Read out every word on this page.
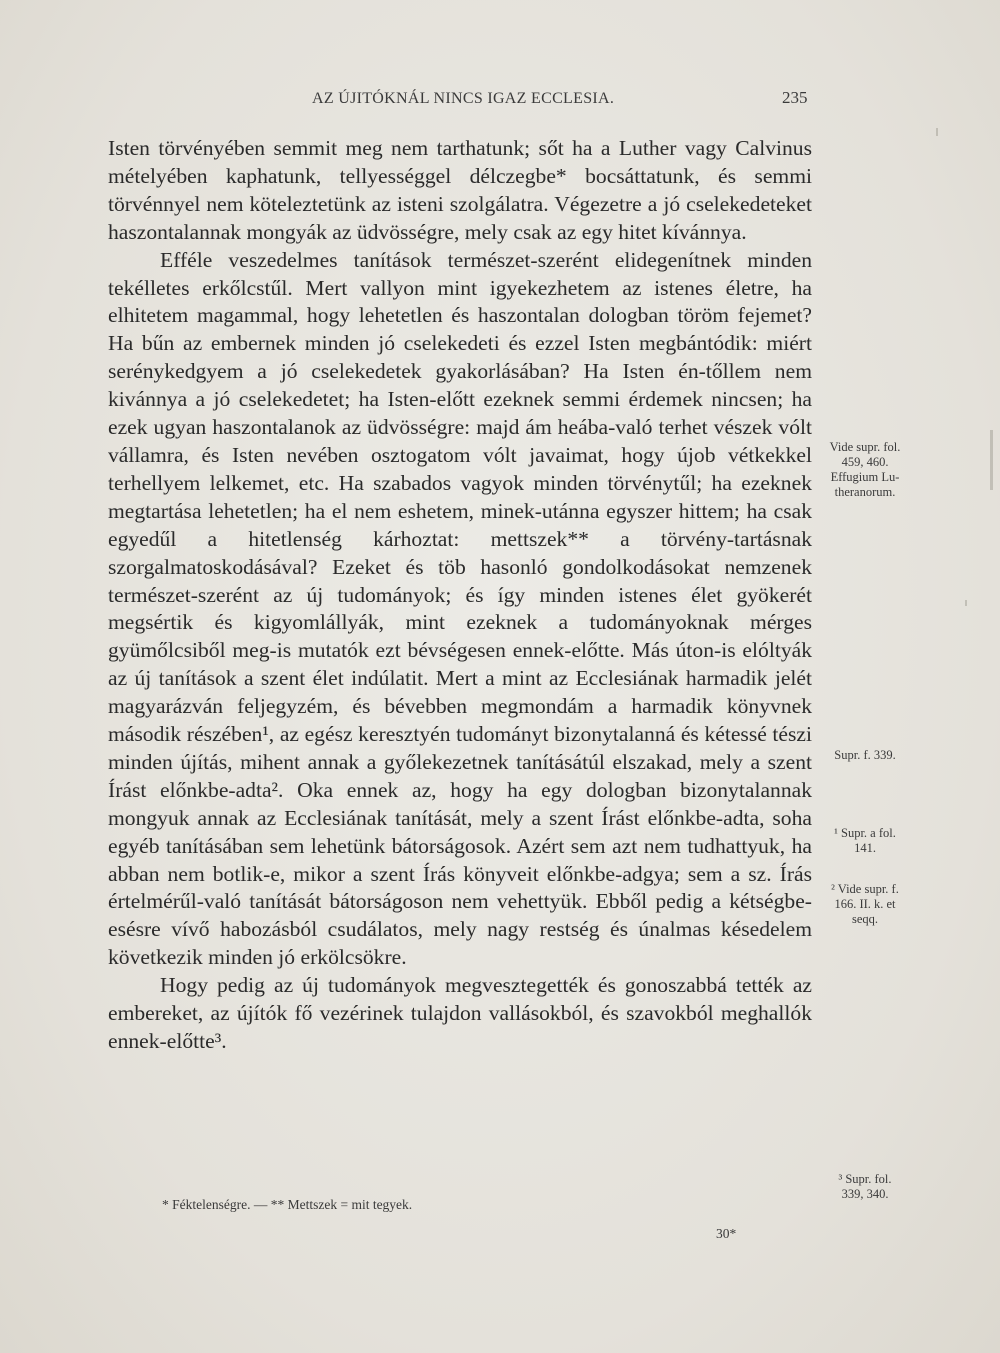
AZ ÚJITÓKNÁL NINCS IGAZ ECCLESIA.	235

Isten törvényében semmit meg nem tarthatunk; sőt ha a Luther vagy Calvinus mételyében kaphatunk, tellyességgel délczegbe* bocsáttatunk, és semmi törvénnyel nem köteleztetünk az isteni szolgálatra. Végezetre a jó cselekedeteket haszontalannak mongyák az üdvösségre, mely csak az egy hitet kívánnya.

Efféle veszedelmes tanítások természet-szerént elidegenítnek minden tekélletes erkőlcstűl. Mert vallyon mint igyekezhetem az istenes életre, ha elhitetem magammal, hogy lehetetlen és haszontalan dologban töröm fejemet? Ha bűn az embernek minden jó cselekedeti és ezzel Isten megbántódik: miért serénykedgyem a jó cselekedetek gyakorlásában? Ha Isten én-tőllem nem kivánnya a jó cselekedetet; ha Isten-előtt ezeknek semmi érdemek nincsen; ha ezek ugyan haszontalanok az üdvösségre: majd ám heába-való terhet vészek vólt vállamra, és Isten nevében osztogatom vólt javaimat, hogy újob vétkekkel terhellyem lelkemet, etc. Ha szabados vagyok minden törvénytűl; ha ezeknek megtartása lehetetlen; ha el nem eshetem, minek-utánna egyszer hittem; ha csak egyedűl a hitetlenség kárhoztat: mettszek** a törvény-tartásnak szorgalmatoskodásával? Ezeket és töb hasonló gondolkodásokat nemzenek természet-szerént az új tudományok; és így minden istenes élet gyökerét megsértik és kigyomlállyák, mint ezeknek a tudományoknak mérges gyümőlcsiből meg-is mutatók ezt bévségesen ennek-előtte. Más úton-is elóltyák az új tanítások a szent élet indúlatit. Mert a mint az Ecclesiának harmadik jelét magyarázván feljegyzém, és bévebben megmondám a harmadik könyvnek második részében¹, az egész keresztyén tudományt bizonytalanná és kétessé tészi minden újítás, mihent annak a győlekezetnek tanításátúl elszakad, mely a szent Írást előnkbe-adta². Oka ennek az, hogy ha egy dologban bizonytalannak mongyuk annak az Ecclesiának tanítását, mely a szent Írást előnkbe-adta, soha egyéb tanításában sem lehetünk bátorságosok. Azért sem azt nem tudhattyuk, ha abban nem botlik-e, mikor a szent Írás könyveit előnkbe-adgya; sem a sz. Írás értelmérűl-való tanítását bátorságoson nem vehettyük. Ebből pedig a kétségbe-esésre vívő habozásból csudálatos, mely nagy restség és únalmas késedelem következik minden jó erkölcsökre.

Hogy pedig az új tudományok megvesztegették és gonoszabbá tették az embereket, az újítók fő vezérinek tulajdon vallásokból, és szavokból meghallók ennek-előtte³.

Vide supr. fol.
459, 460.
Effugium Lu-
theranorum.
Supr. f. 339.
¹ Supr. a fol.
141.
² Vide supr. f.
166. II. k. et
seqq.
³ Supr. fol.
339, 340.
* Féktelenségre. — ** Mettszek = mit tegyek.
30*
